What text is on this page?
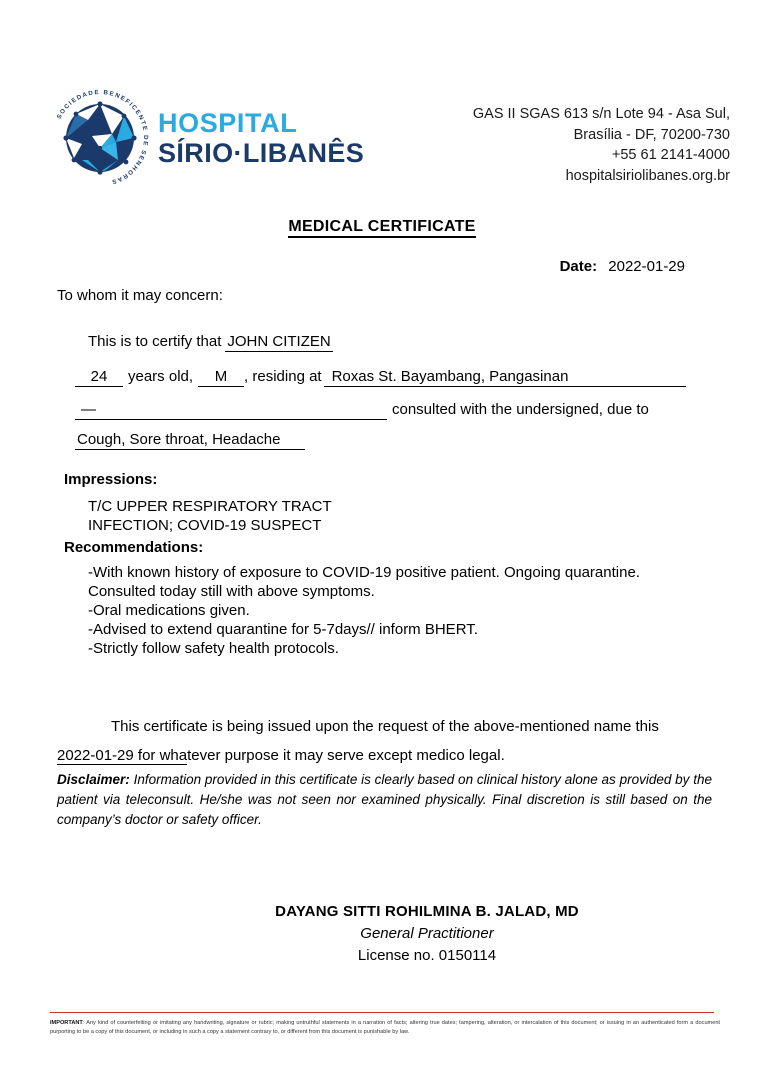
SOCIEDADE BENEFICENTE DE SENHORAS
HOSPITAL
SÍRIO·LIBANÊS
GAS II SGAS 613 s/n Lote 94 - Asa Sul,
Brasília - DF, 70200-730
+55 61 2141-4000
hospitalsiriolibanes.org.br
MEDICAL CERTIFICATE
Date: 2022-01-29
To whom it may concern:
This is to certify that JOHN CITIZEN
24	years old,	M	, residing at Roxas St. Bayambang, Pangasinan
—	consulted with the undersigned, due to
Cough, Sore throat, Headache
Impressions:
T/C UPPER RESPIRATORY TRACT
INFECTION; COVID-19 SUSPECT
Recommendations:
-With known history of exposure to COVID-19 positive patient. Ongoing quarantine.
Consulted today still with above symptoms.
-Oral medications given.
-Advised to extend quarantine for 5-7days// inform BHERT.
-Strictly follow safety health protocols.
This certificate is being issued upon the request of the above-mentioned name this
2022-01-29 for whatever purpose it may serve except medico legal.
Disclaimer: Information provided in this certificate is clearly based on clinical history alone as provided by the patient via teleconsult. He/she was not seen nor examined physically. Final discretion is still based on the company’s doctor or safety officer.
DAYANG SITTI ROHILMINA B. JALAD, MD
General Practitioner
License no. 0150114
IMPORTANT: Any kind of counterfeiting or imitating any handwriting, signature or rubric; making untruthful statements in a narration of facts; altering true dates; tampering, alteration, or intercalation of this document; or issuing in an authenticated form a document purporting to be a copy of this document, or including in such a copy a statement contrary to, or different from this document is punishable by law.
